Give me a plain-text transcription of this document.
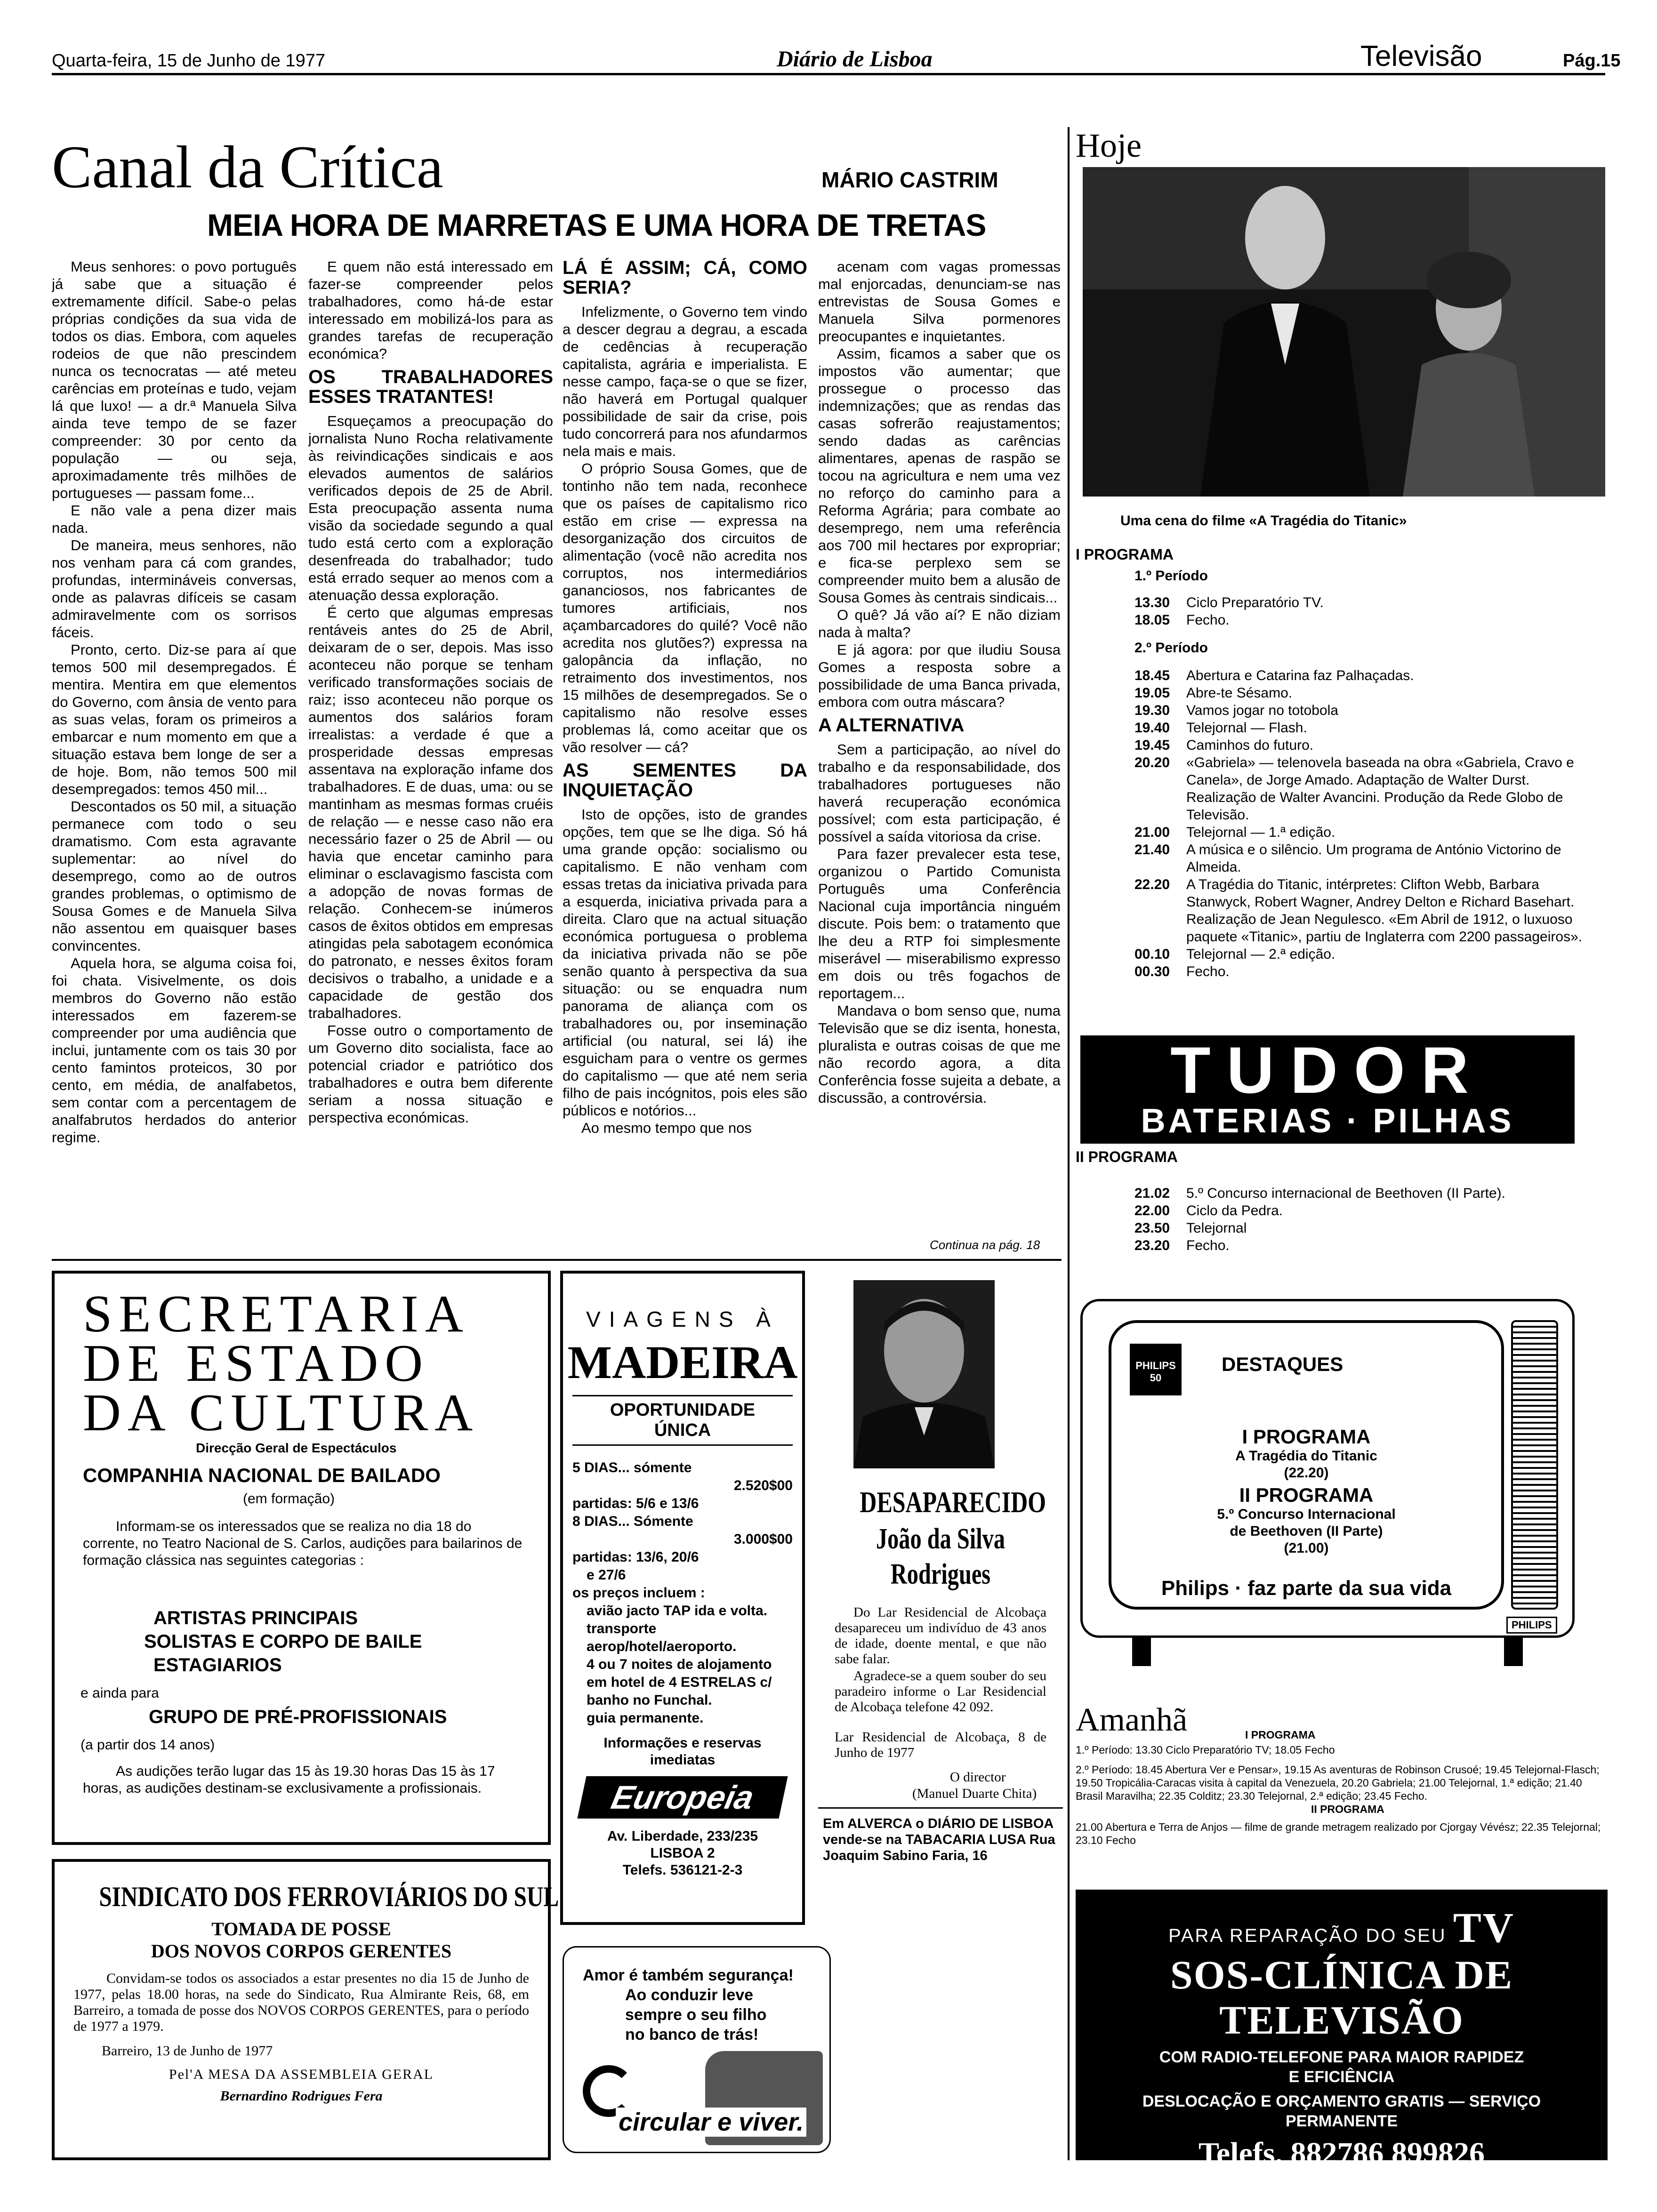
Quarta-feira, 15 de Junho de 1977	Diário de Lisboa	Televisão	Pág.15
Canal da Crítica	MÁRIO CASTRIM
MEIA HORA DE MARRETAS E UMA HORA DE TRETAS

Meus senhores: o povo português já sabe que a situação é extremamente difícil. Sabe-o pelas próprias condições da sua vida de todos os dias. Embora, com aqueles rodeios de que não prescindem nunca os tecnocratas — até meteu carências em proteínas e tudo, vejam lá que luxo! — a dr.ª Manuela Silva ainda teve tempo de se fazer compreender: 30 por cento da população — ou seja, aproximadamente três milhões de portugueses — passam fome...

E não vale a pena dizer mais nada.

De maneira, meus senhores, não nos venham para cá com grandes, profundas, intermináveis conversas, onde as palavras difíceis se casam admiravelmente com os sorrisos fáceis.

Pronto, certo. Diz-se para aí que temos 500 mil desempregados. É mentira. Mentira em que elementos do Governo, com ânsia de vento para as suas velas, foram os primeiros a embarcar e num momento em que a situação estava bem longe de ser a de hoje. Bom, não temos 500 mil desempregados: temos 450 mil...

Descontados os 50 mil, a situação permanece com todo o seu dramatismo. Com esta agravante suplementar: ao nível do desemprego, como ao de outros grandes problemas, o optimismo de Sousa Gomes e de Manuela Silva não assentou em quaisquer bases convincentes.

Aquela hora, se alguma coisa foi, foi chata. Visivelmente, os dois membros do Governo não estão interessados em fazerem-se compreender por uma audiência que inclui, juntamente com os tais 30 por cento famintos proteicos, 30 por cento, em média, de analfabetos, sem contar com a percentagem de analfabrutos herdados do anterior regime.

E quem não está interessado em fazer-se compreender pelos trabalhadores, como há-de estar interessado em mobilizá-los para as grandes tarefas de recuperação económica?

OS TRABALHADORES ESSES TRATANTES!

Esqueçamos a preocupação do jornalista Nuno Rocha relativamente às reivindicações sindicais e aos elevados aumentos de salários verificados depois de 25 de Abril. Esta preocupação assenta numa visão da sociedade segundo a qual tudo está certo com a exploração desenfreada do trabalhador; tudo está errado sequer ao menos com a atenuação dessa exploração.

É certo que algumas empresas rentáveis antes do 25 de Abril, deixaram de o ser, depois. Mas isso aconteceu não porque se tenham verificado transformações sociais de raiz; isso aconteceu não porque os aumentos dos salários foram irrealistas: a verdade é que a prosperidade dessas empresas assentava na exploração infame dos trabalhadores. E de duas, uma: ou se mantinham as mesmas formas cruéis de relação — e nesse caso não era necessário fazer o 25 de Abril — ou havia que encetar caminho para eliminar o esclavagismo fascista com a adopção de novas formas de relação. Conhecem-se inúmeros casos de êxitos obtidos em empresas atingidas pela sabotagem económica do patronato, e nesses êxitos foram decisivos o trabalho, a unidade e a capacidade de gestão dos trabalhadores.

Fosse outro o comportamento de um Governo dito socialista, face ao potencial criador e patriótico dos trabalhadores e outra bem diferente seriam a nossa situação e perspectiva económicas.

LÁ É ASSIM; CÁ, COMO SERIA?

Infelizmente, o Governo tem vindo a descer degrau a degrau, a escada de cedências à recuperação capitalista, agrária e imperialista. E nesse campo, faça-se o que se fizer, não haverá em Portugal qualquer possibilidade de sair da crise, pois tudo concorrerá para nos afundarmos nela mais e mais.

O próprio Sousa Gomes, que de tontinho não tem nada, reconhece que os países de capitalismo rico estão em crise — expressa na desorganização dos circuitos de alimentação (você não acredita nos corruptos, nos intermediários gananciosos, nos fabricantes de tumores artificiais, nos açambarcadores do quilé? Você não acredita nos glutões?) expressa na galopância da inflação, no retraimento dos investimentos, nos 15 milhões de desempregados. Se o capitalismo não resolve esses problemas lá, como aceitar que os vão resolver — cá?

AS SEMENTES DA INQUIETAÇÃO

Isto de opções, isto de grandes opções, tem que se lhe diga. Só há uma grande opção: socialismo ou capitalismo. E não venham com essas tretas da iniciativa privada para a esquerda, iniciativa privada para a direita. Claro que na actual situação económica portuguesa o problema da iniciativa privada não se põe senão quanto à perspectiva da sua situação: ou se enquadra num panorama de aliança com os trabalhadores ou, por inseminação artificial (ou natural, sei lá) ihe esguicham para o ventre os germes do capitalismo — que até nem seria filho de pais incógnitos, pois eles são públicos e notórios...

Ao mesmo tempo que nos

acenam com vagas promessas mal enjorcadas, denunciam-se nas entrevistas de Sousa Gomes e Manuela Silva pormenores preocupantes e inquietantes.

Assim, ficamos a saber que os impostos vão aumentar; que prossegue o processo das indemnizações; que as rendas das casas sofrerão reajustamentos; sendo dadas as carências alimentares, apenas de raspão se tocou na agricultura e nem uma vez no reforço do caminho para a Reforma Agrária; para combate ao desemprego, nem uma referência aos 700 mil hectares por expropriar; e fica-se perplexo sem se compreender muito bem a alusão de Sousa Gomes às centrais sindicais...

O quê? Já vão aí? E não diziam nada à malta?

E já agora: por que iludiu Sousa Gomes a resposta sobre a possibilidade de uma Banca privada, embora com outra máscara?

A ALTERNATIVA

Sem a participação, ao nível do trabalho e da responsabilidade, dos trabalhadores portugueses não haverá recuperação económica possível; com esta participação, é possível a saída vitoriosa da crise.

Para fazer prevalecer esta tese, organizou o Partido Comunista Português uma Conferência Nacional cuja importância ninguém discute. Pois bem: o tratamento que lhe deu a RTP foi simplesmente miserável — miserabilismo expresso em dois ou três fogachos de reportagem...

Mandava o bom senso que, numa Televisão que se diz isenta, honesta, pluralista e outras coisas de que me não recordo agora, a dita Conferência fosse sujeita a debate, a discussão, a controvérsia.

Continua na pág. 18
Hoje
Uma cena do filme «A Tragédia do Titanic»
I PROGRAMA
1.º Período
13.30	Ciclo Preparatório TV.
18.05	Fecho.
2.º Período
18.45	Abertura e Catarina faz Palhaçadas.
19.05	Abre-te Sésamo.
19.30	Vamos jogar no totobola
19.40	Telejornal — Flash.
19.45	Caminhos do futuro.
20.20	«Gabriela» — telenovela baseada na obra «Gabriela, Cravo e Canela», de Jorge Amado. Adaptação de Walter Durst. Realização de Walter Avancini. Produção da Rede Globo de Televisão.
21.00	Telejornal — 1.ª edição.
21.40	A música e o silêncio. Um programa de António Victorino de Almeida.
22.20	A Tragédia do Titanic, intérpretes: Clifton Webb, Barbara Stanwyck, Robert Wagner, Andrey Delton e Richard Basehart. Realização de Jean Negulesco. «Em Abril de 1912, o luxuoso paquete «Titanic», partiu de Inglaterra com 2200 passageiros».
00.10	Telejornal — 2.ª edição.
00.30	Fecho.
TUDOR
BATERIAS · PILHAS
II PROGRAMA
21.02	5.º Concurso internacional de Beethoven (II Parte).
22.00	Ciclo da Pedra.
23.50	Telejornal
23.20	Fecho.
PHILIPS 50
DESTAQUES
I PROGRAMA
A Tragédia do Titanic
(22.20)
II PROGRAMA
5.º Concurso Internacional
de Beethoven (II Parte)
(21.00)
Philips · faz parte da sua vida
PHILIPS
Amanhã	I PROGRAMA
1.º Período: 13.30 Ciclo Preparatório TV; 18.05 Fecho
2.º Período: 18.45 Abertura Ver e Pensar», 19.15 As aventuras de Robinson Crusoé; 19.45 Telejornal-Flasch; 19.50 Tropicália-Caracas visita à capital da Venezuela, 20.20 Gabriela; 21.00 Telejornal, 1.ª edição; 21.40 Brasil Maravilha; 22.35 Colditz; 23.30 Telejornal, 2.ª edição; 23.45 Fecho.
II PROGRAMA
21.00 Abertura e Terra de Anjos — filme de grande metragem realizado por Cjorgay Vévész; 22.35 Telejornal; 23.10 Fecho
PARA REPARAÇÃO DO SEU TV
SOS-CLÍNICA DE TELEVISÃO
COM RADIO-TELEFONE PARA MAIOR RAPIDEZ
E EFICIÊNCIA
DESLOCAÇÃO E ORÇAMENTO GRATIS — SERVIÇO
PERMANENTE
Telefs. 882786 899826
Avenida S. João de Deus, 13-B - Rua Macau, 8
SECRETARIA
DE ESTADO
DA CULTURA
Direcção Geral de Espectáculos
COMPANHIA NACIONAL DE BAILADO
(em formação)
Informam-se os interessados que se realiza no dia 18 do corrente, no Teatro Nacional de S. Carlos, audições para bailarinos de formação clássica nas seguintes categorias :
ARTISTAS PRINCIPAIS
SOLISTAS E CORPO DE BAILE
ESTAGIARIOS
e ainda para
GRUPO DE PRÉ-PROFISSIONAIS
(a partir dos 14 anos)
As audições terão lugar das 15 às 19.30 horas Das 15 às 17 horas, as audições destinam-se exclusivamente a profissionais.
SINDICATO DOS FERROVIÁRIOS DO SUL
TOMADA DE POSSE
DOS NOVOS CORPOS GERENTES
Convidam-se todos os associados a estar presentes no dia 15 de Junho de 1977, pelas 18.00 horas, na sede do Sindicato, Rua Almirante Reis, 68, em Barreiro, a tomada de posse dos NOVOS CORPOS GERENTES, para o período de 1977 a 1979.
Barreiro, 13 de Junho de 1977
Pel'A MESA DA ASSEMBLEIA GERAL
Bernardino Rodrigues Fera
VIAGENS À
MADEIRA
OPORTUNIDADE
ÚNICA
5 DIAS... sómente
2.520$00
partidas: 5/6 e 13/6
8 DIAS... Sómente
3.000$00
partidas: 13/6, 20/6
e 27/6
os preços incluem :
avião jacto TAP ida e volta.
transporte aerop/hotel/aeroporto.
4 ou 7 noites de alojamento em hotel de 4 ESTRELAS c/ banho no Funchal.
guia permanente.
Informações e reservas imediatas
Europeia
Av. Liberdade, 233/235
LISBOA 2
Telefs. 536121-2-3
DESAPARECIDO
João da Silva
Rodrigues
Do Lar Residencial de Alcobaça desapareceu um indivíduo de 43 anos de idade, doente mental, e que não sabe falar.
Agradece-se a quem souber do seu paradeiro informe o Lar Residencial de Alcobaça telefone 42 092.
Lar Residencial de Alcobaça, 8 de Junho de 1977
O director
(Manuel Duarte Chita)
Em ALVERCA o DIÁRIO DE LISBOA vende-se na TABACARIA LUSA Rua Joaquim Sabino Faria, 16
Amor é também segurança!
Ao conduzir leve
sempre o seu filho
no banco de trás!
circular e viver.
